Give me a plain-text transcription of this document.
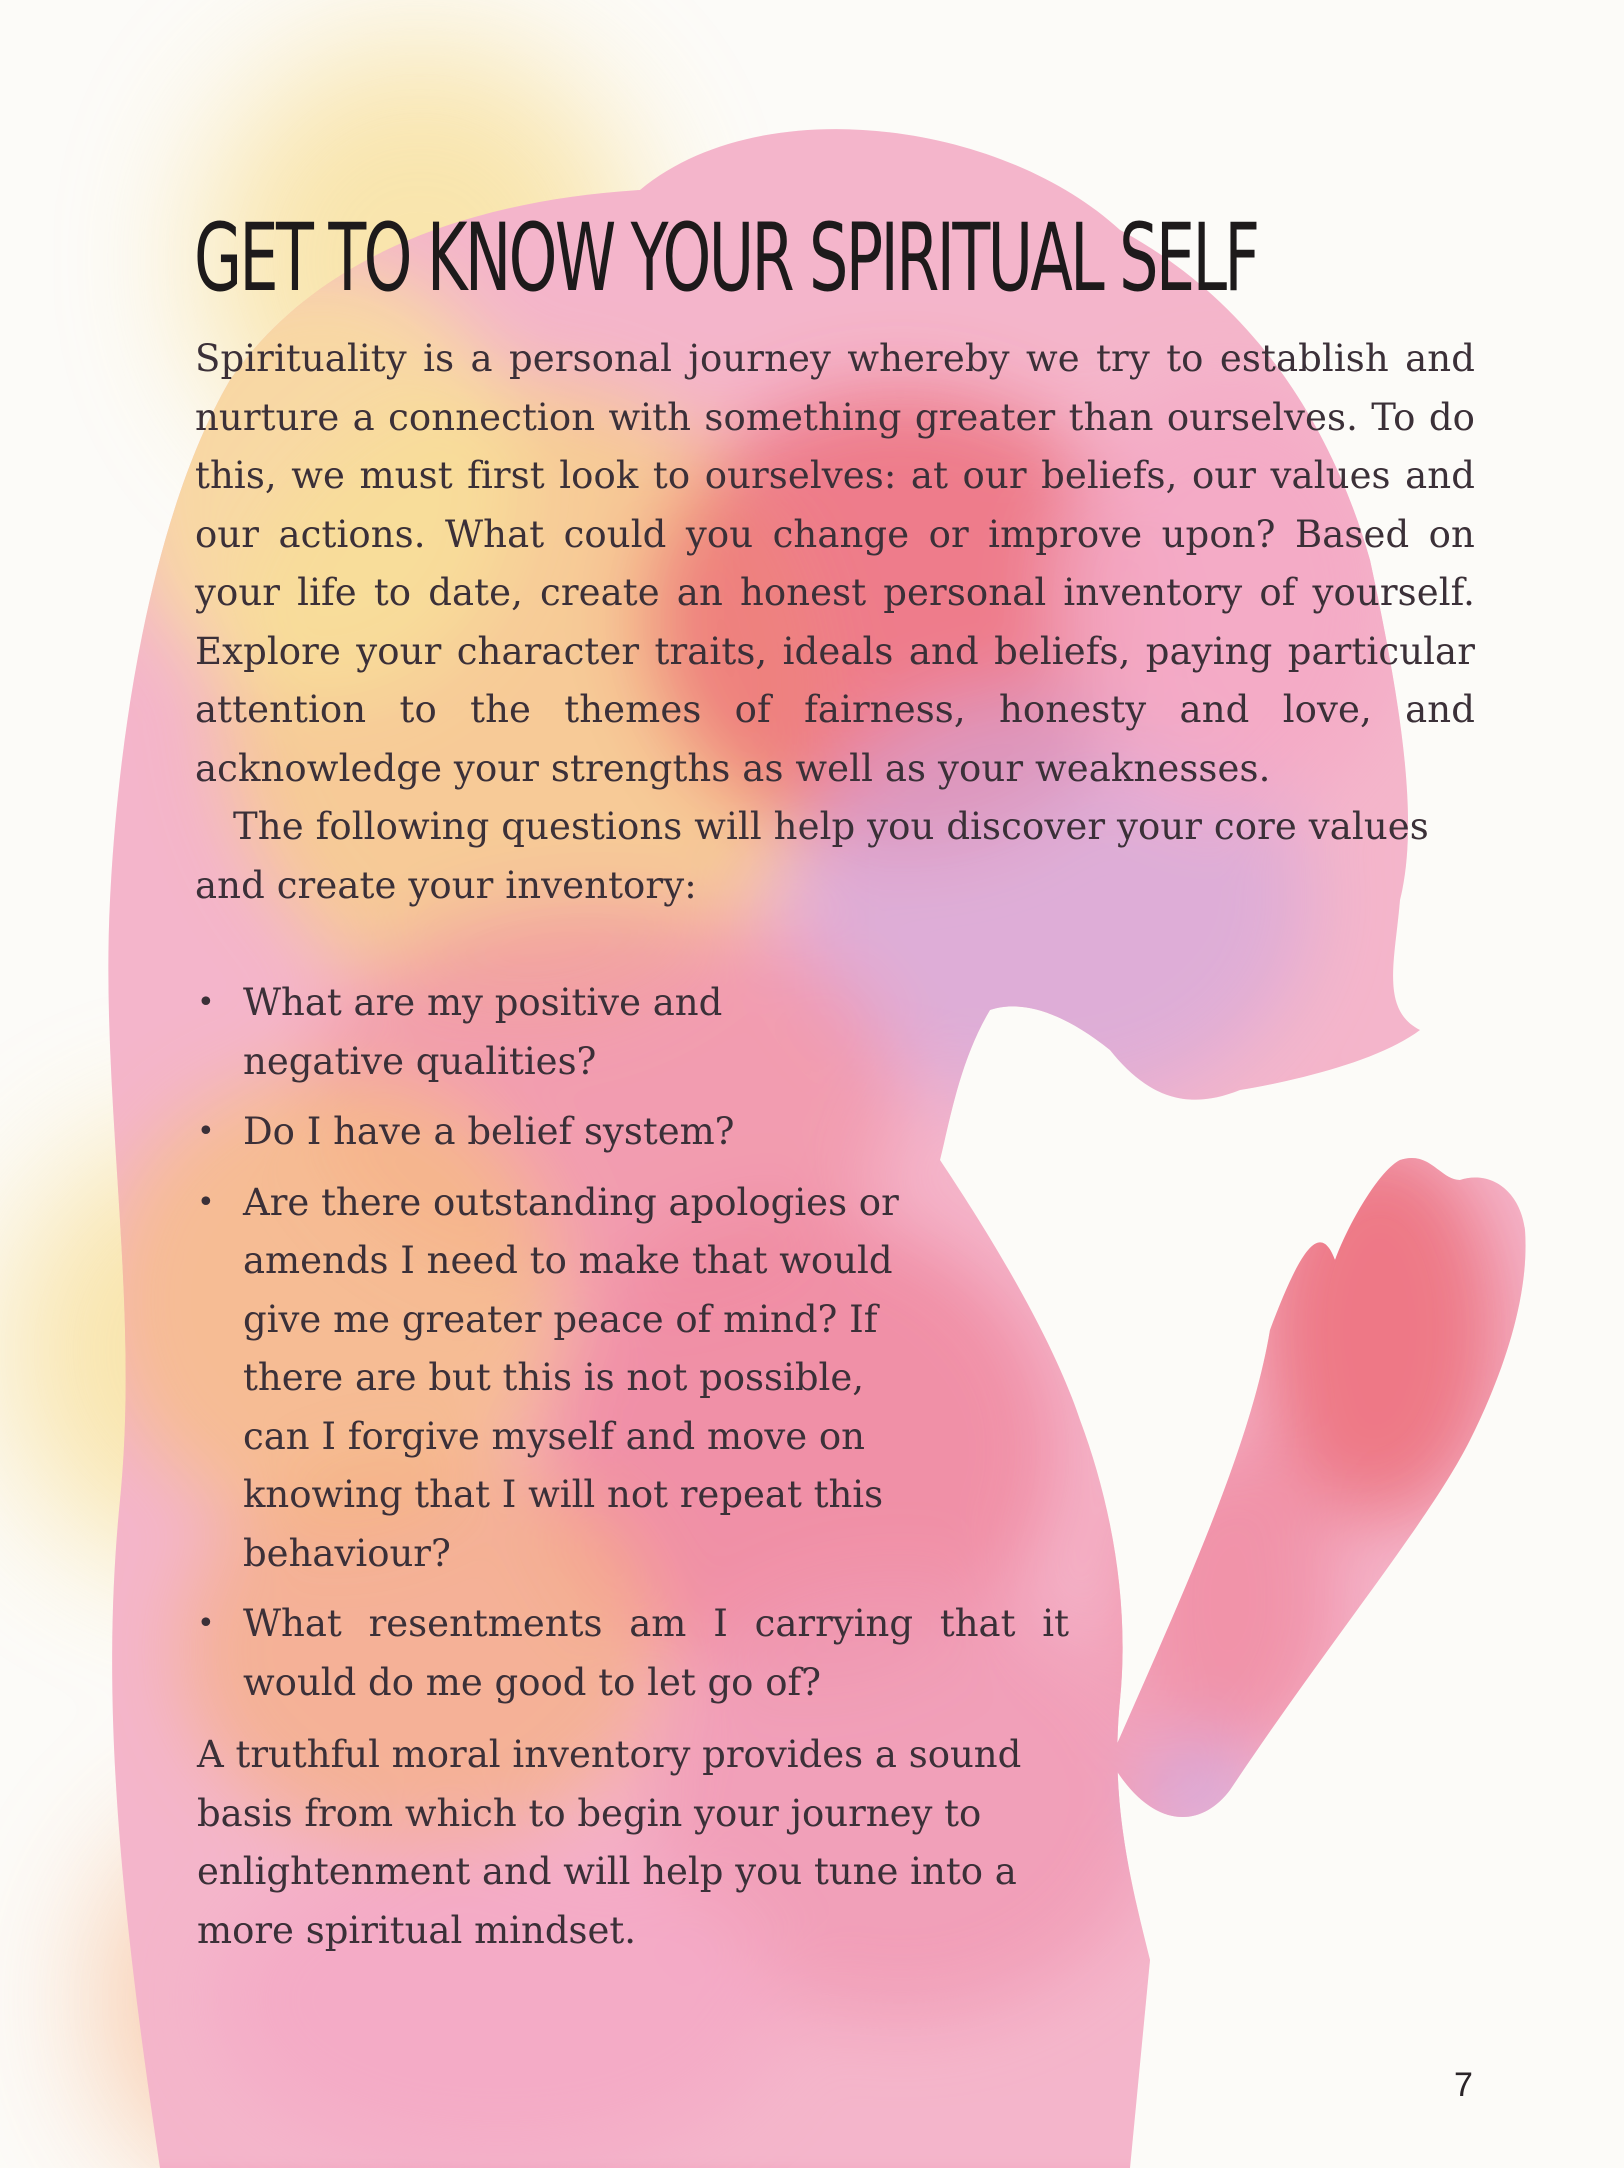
GET TO KNOW YOUR SPIRITUAL SELF

Spirituality is a personal journey whereby we try to establish and nurture a connection with something greater than ourselves. To do this, we must first look to ourselves: at our beliefs, our values and our actions. What could you change or improve upon? Based on your life to date, create an honest personal inventory of yourself. Explore your character traits, ideals and beliefs, paying particular attention to the themes of fairness, honesty and love, and acknowledge your strengths as well as your weaknesses.

The following questions will help you discover your core values and create your inventory:

• What are my positive and negative qualities?
• Do I have a belief system?
• Are there outstanding apologies or amends I need to make that would give me greater peace of mind? If there are but this is not possible, can I forgive myself and move on knowing that I will not repeat this behaviour?
• What resentments am I carrying that it would do me good to let go of?

A truthful moral inventory provides a sound basis from which to begin your journey to enlightenment and will help you tune into a more spiritual mindset.

7
